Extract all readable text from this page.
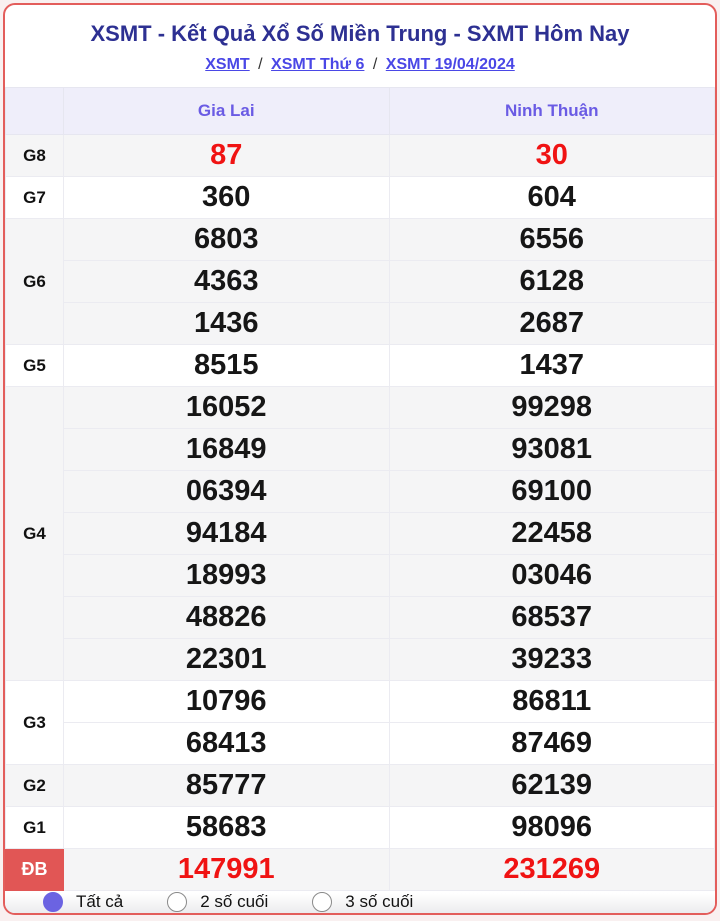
XSMT - Kết Quả Xổ Số Miền Trung - SXMT Hôm Nay
XSMT / XSMT Thứ 6 / XSMT 19/04/2024
	Gia Lai	Ninh Thuận
G8	87	30
G7	360	604
G6	6803	6556
	4363	6128
	1436	2687
G5	8515	1437
G4	16052	99298
	16849	93081
	06394	69100
	94184	22458
	18993	03046
	48826	68537
	22301	39233
G3	10796	86811
	68413	87469
G2	85777	62139
G1	58683	98096
ĐB	147991	231269
Tất cả	2 số cuối	3 số cuối
